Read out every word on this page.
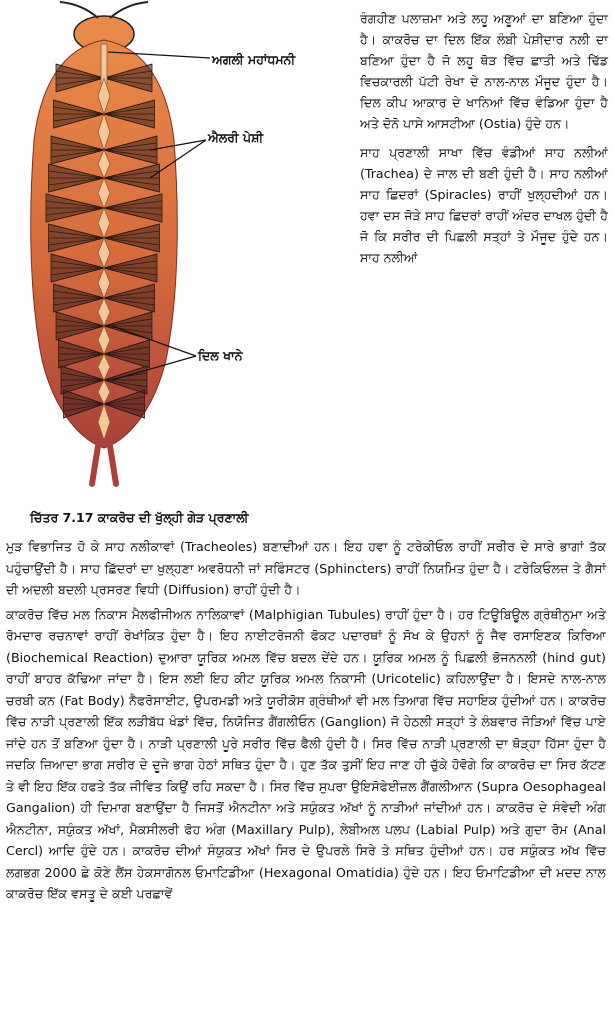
ਅਗਲੀ ਮਹਾਂਧਮਨੀ
ਐਲਰੀ ਪੇਸ਼ੀ
ਦਿਲ ਖਾਨੇ
ਚਿੱਤਰ 7.17 ਕਾਕਰੋਚ ਦੀ ਖੁੱਲ੍ਹੀ ਗੇੜ ਪ੍ਰਣਾਲੀ

ਰੰਗਹੀਣ ਪਲਾਜ਼ਮਾ ਅਤੇ ਲਹੂ ਅਣੂਆਂ ਦਾ ਬਣਿਆ ਹੁੰਦਾ ਹੈ। ਕਾਕਰੋਚ ਦਾ ਦਿਲ ਇੱਕ ਲੰਬੀ ਪੇਸ਼ੀਦਾਰ ਨਲੀ ਦਾ ਬਣਿਆ ਹੁੰਦਾ ਹੈ ਜੋ ਲਹੂ ਥੋੜ ਵਿੱਚ ਛਾਤੀ ਅਤੇ ਢਿੱਡ ਵਿਚਕਾਰਲੀ ਪੱਟੀ ਰੇਖਾ ਦੇ ਨਾਲ-ਨਾਲ ਮੌਜੂਦ ਹੁੰਦਾ ਹੈ। ਦਿਲ ਕੀਪ ਆਕਾਰ ਦੇ ਖਾਨਿਆਂ ਵਿੱਚ ਵੰਡਿਆ ਹੁੰਦਾ ਹੈ ਅਤੇ ਦੋਨੋ ਪਾਸੇ ਆਸਟੀਆ (Ostia) ਹੁੰਦੇ ਹਨ।

ਸਾਹ ਪ੍ਰਣਾਲੀ ਸਾਖਾ ਵਿੱਚ ਵੰਡੀਆਂ ਸਾਹ ਨਲੀਆਂ (Trachea) ਦੇ ਜਾਲ ਦੀ ਬਣੀ ਹੁੰਦੀ ਹੈ। ਸਾਹ ਨਲੀਆਂ ਸਾਹ ਛਿਦਰਾਂ (Spiracles) ਰਾਹੀਂ ਖੁਲ੍ਹਦੀਆਂ ਹਨ। ਹਵਾ ਦਸ ਜੋੜੇ ਸਾਹ ਛਿਦਰਾਂ ਰਾਹੀਂ ਅੰਦਰ ਦਾਖਲ ਹੁੰਦੀ ਹੈ ਜੋ ਕਿ ਸਰੀਰ ਦੀ ਪਿਛਲੀ ਸਤ੍ਹਾਂ ਤੇ ਮੌਜੂਦ ਹੁੰਦੇ ਹਨ। ਸਾਹ ਨਲੀਆਂ

ਮੁੜ ਵਿਭਾਜਿਤ ਹੋ ਕੇ ਸਾਹ ਨਲੀਕਾਵਾਂ (Tracheoles) ਬਣਾਦੀਆਂ ਹਨ। ਇਹ ਹਵਾ ਨੂੰ ਟਰੇਕੀਓਲ ਰਾਹੀਂ ਸਰੀਰ ਦੇ ਸਾਰੇ ਭਾਗਾਂ ਤੱਕ ਪਹੁੰਚਾਉਂਦੀ ਹੈ। ਸਾਹ ਛਿੱਦਰਾਂ ਦਾ ਖੁਲ੍ਹਣਾ ਅਵਰੋਧਨੀ ਜਾਂ ਸਫਿੰਸਟਰ (Sphincters) ਰਾਹੀਂ ਨਿਯਮਿਤ ਹੁੰਦਾ ਹੈ। ਟਰੇਕਿਓਲਜ਼ ਤੇ ਗੈਸਾਂ ਦੀ ਅਦਲੀ ਬਦਲੀ ਪ੍ਰਸਰਣ ਵਿਧੀ (Diffusion) ਰਾਹੀਂ ਹੁੰਦੀ ਹੈ।

ਕਾਕਰੋਚ ਵਿੱਚ ਮਲ ਨਿਕਾਸ ਮੈਲਫੀਜੀਅਨ ਨਾਲਿਕਾਵਾਂ (Malphigian Tubules) ਰਾਹੀਂ ਹੁੰਦਾ ਹੈ। ਹਰ ਟਿਊਬਿਊਲ ਗ੍ਰੰਥੀਨੁਮਾ ਅਤੇ ਰੋਮਦਾਰ ਰਚਨਾਵਾਂ ਰਾਹੀਂ ਰੇਖਾਂਕਿਤ ਹੁੰਦਾ ਹੈ। ਇਹ ਨਾਈਟਰੋਜਨੀ ਫੋਕਟ ਪਦਾਰਥਾਂ ਨੂੰ ਸੋਖ ਕੇ ਉਹਨਾਂ ਨੂੰ ਜੈਵ ਰਸਾਇਣਕ ਕਿਰਿਆ (Biochemical Reaction) ਦੁਆਰਾ ਯੂਰਿਕ ਅਮਲ ਵਿੱਚ ਬਦਲ ਦੇਂਦੇ ਹਨ। ਯੂਰਿਕ ਅਮਲ ਨੂੰ ਪਿਛਲੀ ਭੋਜਨਨਲੀ (hind gut) ਰਾਹੀਂ ਬਾਹਰ ਕੱਢਿਆ ਜਾਂਦਾ ਹੈ। ਇਸ ਲਈ ਇਹ ਕੀਟ ਯੂਰਿਕ ਅਮਲ ਨਿਕਾਸੀ (Uricotelic) ਕਹਿਲਾਉਂਦਾ ਹੈ। ਇਸਦੇ ਨਾਲ-ਨਾਲ ਚਰਬੀ ਕਨ (Fat Body) ਨੈਫਰੋਸਾਈਟ, ਉਪਰਮਡੀ ਅਤੇ ਯੂਰੀਕੋਸ ਗ੍ਰੰਥੀਆਂ ਵੀ ਮਲ ਤਿਆਗ ਵਿੱਚ ਸਹਾਇਕ ਹੁੰਦੀਆਂ ਹਨ। ਕਾਕਰੋਚ ਵਿੱਚ ਨਾੜੀ ਪ੍ਰਣਾਲੀ ਇੱਕ ਲੜੀਬੱਧ ਖੰਡਾਂ ਵਿੱਚ, ਨਿਯੋਜਿਤ ਗੈਂਗਲੀਓਨ (Ganglion) ਜੋ ਹੇਠਲੀ ਸਤ੍ਹਾਂ ਤੇ ਲੰਬਵਾਰ ਜੋੜਿਆਂ ਵਿੱਚ ਪਾਏ ਜਾਂਦੇ ਹਨ ਤੋਂ ਬਣਿਆ ਹੁੰਦਾ ਹੈ। ਨਾੜੀ ਪ੍ਰਣਾਲੀ ਪੂਰੇ ਸਰੀਰ ਵਿੱਚ ਫੈਲੀ ਹੁੰਦੀ ਹੈ। ਸਿਰ ਵਿੱਚ ਨਾੜੀ ਪ੍ਰਣਾਲੀ ਦਾ ਥੋੜ੍ਹਾ ਹਿੱਸਾ ਹੁੰਦਾ ਹੈ ਜਦਕਿ ਜ਼ਿਆਦਾ ਭਾਗ ਸਰੀਰ ਦੇ ਦੂਜੇ ਭਾਗ ਹੇਠਾਂ ਸਥਿਤ ਹੁੰਦਾ ਹੈ। ਹੁਣ ਤੱਕ ਤੁਸੀਂ ਇਹ ਜਾਣ ਹੀ ਚੁੱਕੇ ਹੋਵੋਗੇ ਕਿ ਕਾਕਰੋਚ ਦਾ ਸਿਰ ਕੱਟਣ ਤੇ ਵੀ ਇਹ ਇੱਕ ਹਫਤੇ ਤੱਕ ਜੀਵਿਤ ਕਿਉਂ ਰਹਿ ਸਕਦਾ ਹੈ। ਸਿਰ ਵਿੱਚ ਸੁਪਰਾ ਉਇਸੋਫੇਈਜ਼ਲ ਗੈਂਗਲੀਆਨ (Supra Oesophageal Gangalion) ਹੀ ਦਿਮਾਗ ਬਣਾਉਂਦਾ ਹੈ ਜਿਸਤੋਂ ਐਨਟੀਨਾ ਅਤੇ ਸਯੁੰਕਤ ਅੱਖਾਂ ਨੂੰ ਨਾੜੀਆਂ ਜਾਂਦੀਆਂ ਹਨ। ਕਾਕਰੋਚ ਦੇ ਸੰਵੇਦੀ ਅੰਗ ਐਨਟੀਨਾ, ਸਯੁੰਕਤ ਅੱਖਾਂ, ਮੈਕਸੀਲਰੀ ਫੋਹ ਅੰਗ (Maxillary Pulp), ਲੇਬੀਅਲ ਪਲਪ (Labial Pulp) ਅਤੇ ਗੁਦਾ ਰੋਮ (Anal Cercl) ਆਦਿ ਹੁੰਦੇ ਹਨ। ਕਾਕਰੋਚ ਦੀਆਂ ਸੰਯੁਕਤ ਅੱਖਾਂ ਸਿਰ ਦੇ ਉਪਰਲੇ ਸਿਰੇ ਤੇ ਸਥਿਤ ਹੁੰਦੀਆਂ ਹਨ। ਹਰ ਸਯੁੰਕਤ ਅੱਖ ਵਿੱਚ ਲਗਭਗ 2000 ਛੇ ਕੋਣੇ ਲੈਂਸ ਹੇਕਸਾਗੋਨਲ ਓਮਾਟਿਡੀਆ (Hexagonal Omatidia) ਹੁੰਦੇ ਹਨ। ਇਹ ਓਮਾਟਿਡੀਆ ਦੀ ਮਦਦ ਨਾਲ ਕਾਕਰੋਚ ਇੱਕ ਵਸਤੂ ਦੇ ਕਈ ਪਰਛਾਵੇਂ
